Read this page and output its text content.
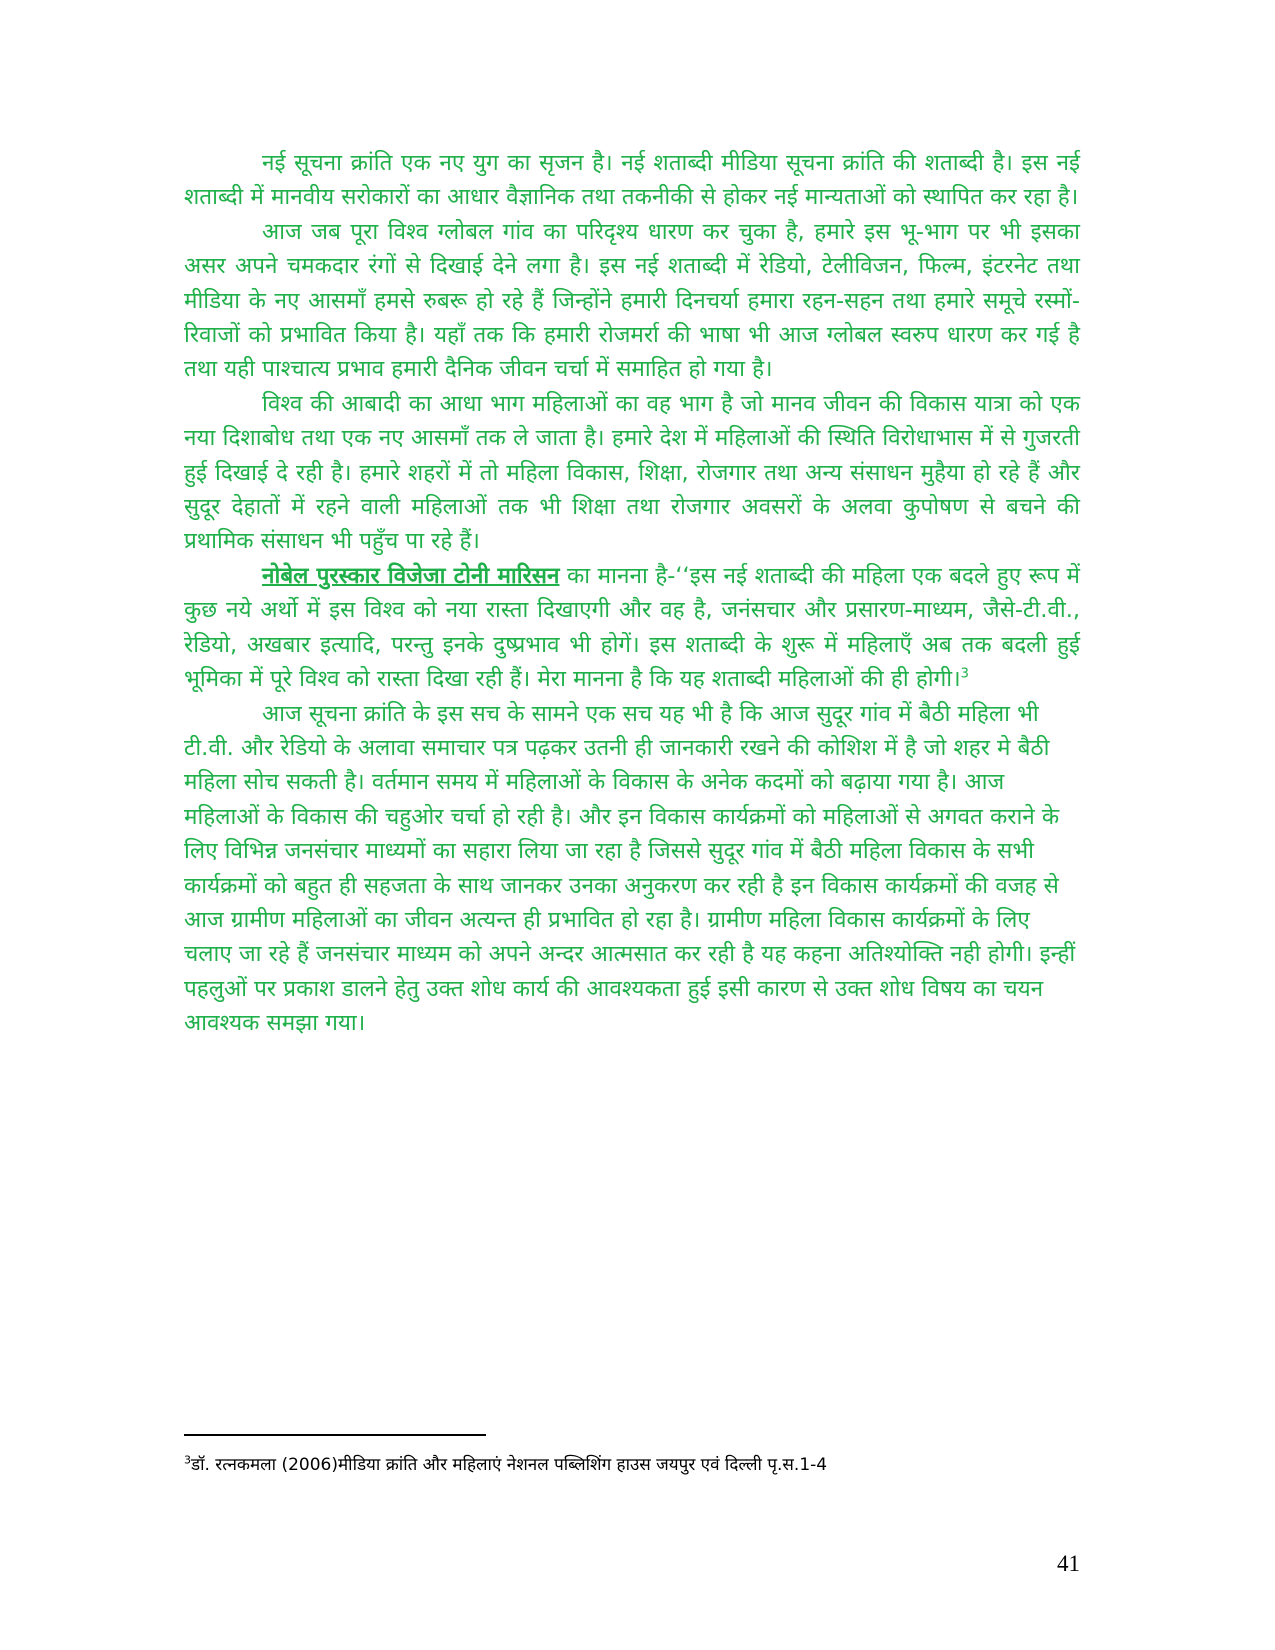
नई सूचना क्रांति एक नए युग का सृजन है। नई शताब्दी मीडिया सूचना क्रांति की शताब्दी है। इस नई शताब्दी में मानवीय सरोकारों का आधार वैज्ञानिक तथा तकनीकी से होकर नई मान्यताओं को स्थापित कर रहा है।

आज जब पूरा विश्व ग्लोबल गांव का परिदृश्य धारण कर चुका है, हमारे इस भू-भाग पर भी इसका असर अपने चमकदार रंगों से दिखाई देने लगा है। इस नई शताब्दी में रेडियो, टेलीविजन, फिल्म, इंटरनेट तथा मीडिया के नए आसमाँ हमसे रुबरू हो रहे हैं जिन्होंने हमारी दिनचर्या हमारा रहन-सहन तथा हमारे समूचे रस्मों-रिवाजों को प्रभावित किया है। यहाँ तक कि हमारी रोजमर्रा की भाषा भी आज ग्लोबल स्वरुप धारण कर गई है तथा यही पाश्चात्य प्रभाव हमारी दैनिक जीवन चर्चा में समाहित हो गया है।

विश्व की आबादी का आधा भाग महिलाओं का वह भाग है जो मानव जीवन की विकास यात्रा को एक नया दिशाबोध तथा एक नए आसमाँ तक ले जाता है। हमारे देश में महिलाओं की स्थिति विरोधाभास में से गुजरती हुई दिखाई दे रही है। हमारे शहरों में तो महिला विकास, शिक्षा, रोजगार तथा अन्य संसाधन मुहैया हो रहे हैं और सुदूर देहातों में रहने वाली महिलाओं तक भी शिक्षा तथा रोजगार अवसरों के अलवा कुपोषण से बचने की प्रथामिक संसाधन भी पहुँच पा रहे हैं।

नोबेल पुरस्कार विजेजा टोनी मारिसन का मानना है-‘‘इस नई शताब्दी की महिला एक बदले हुए रूप में कुछ नये अर्थो में इस विश्व को नया रास्ता दिखाएगी और वह है, जनंसचार और प्रसारण-माध्यम, जैसे-टी.वी., रेडियो, अखबार इत्यादि, परन्तु इनके दुष्प्रभाव भी होगें। इस शताब्दी के शुरू में महिलाएँ अब तक बदली हुई भूमिका में पूरे विश्व को रास्ता दिखा रही हैं। मेरा मानना है कि यह शताब्दी महिलाओं की ही होगी।$^3$

आज सूचना क्रांति के इस सच के सामने एक सच यह भी है कि आज सुदूर गांव में बैठी महिला भी टी.वी. और रेडियो के अलावा समाचार पत्र पढ़कर उतनी ही जानकारी रखने की कोशिश में है जो शहर मे बैठी महिला सोच सकती है। वर्तमान समय में महिलाओं के विकास के अनेक कदमों को बढ़ाया गया है। आज महिलाओं के विकास की चहुओर चर्चा हो रही है। और इन विकास कार्यक्रमों को महिलाओं से अगवत कराने के लिए विभिन्न जनसंचार माध्यमों का सहारा लिया जा रहा है जिससे सुदूर गांव में बैठी महिला विकास के सभी कार्यक्रमों को बहुत ही सहजता के साथ जानकर उनका अनुकरण कर रही है इन विकास कार्यक्रमों की वजह से आज ग्रामीण महिलाओं का जीवन अत्यन्त ही प्रभावित हो रहा है। ग्रामीण महिला विकास कार्यक्रमों के लिए चलाए जा रहे हैं जनसंचार माध्यम को अपने अन्दर आत्मसात कर रही है यह कहना अतिश्योक्ति नही होगी। इन्हीं पहलुओं पर प्रकाश डालने हेतु उक्त शोध कार्य की आवश्यकता हुई इसी कारण से उक्त शोध विषय का चयन आवश्यक समझा गया।

$^3$डॉ. रत्नकमला (2006)मीडिया क्रांति और महिलाएं नेशनल पब्लिशिंग हाउस जयपुर एवं दिल्ली पृ.स.1-4
41
